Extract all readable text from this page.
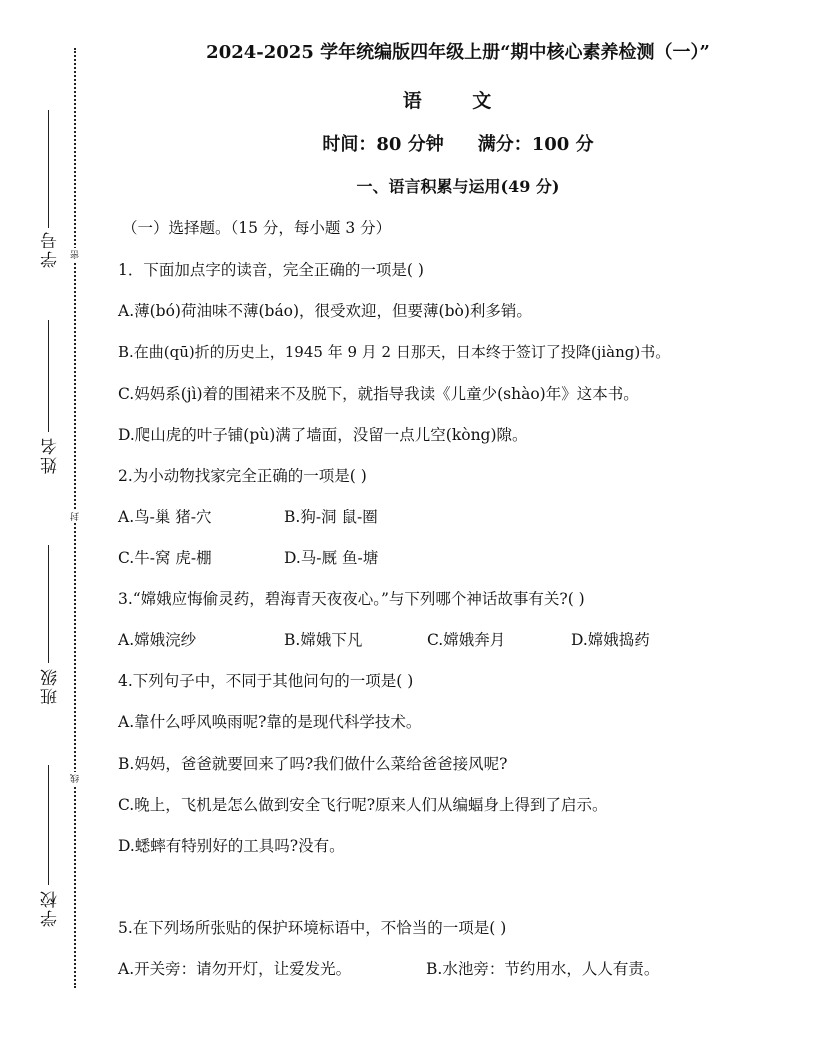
学号
姓名
班级
学校
密
封
线
2024-2025 学年统编版四年级上册“期中核心素养检测（一）”
语 文
时间：80 分钟 满分：100 分
一、语言积累与运用(49 分)
（一）选择题。（15 分，每小题 3 分）
1．下面加点字的读音，完全正确的一项是( )
A.薄(bó)荷油味不薄(báo)，很受欢迎，但要薄(bò)利多销。
B.在曲(qū)折的历史上，1945 年 9 月 2 日那天，日本终于签订了投降(jiàng)书。
C.妈妈系(jì)着的围裙来不及脱下，就指导我读《儿童少(shào)年》这本书。
D.爬山虎的叶子铺(pù)满了墙面，没留一点儿空(kòng)隙。
2.为小动物找家完全正确的一项是( )
A.鸟-巢 猪-穴	B.狗-洞 鼠-圈
C.牛-窝 虎-棚	D.马-厩 鱼-塘
3.“嫦娥应悔偷灵药，碧海青天夜夜心。”与下列哪个神话故事有关?( )
A.嫦娥浣纱	B.嫦娥下凡	C.嫦娥奔月	D.嫦娥捣药
4.下列句子中，不同于其他问句的一项是( )
A.靠什么呼风唤雨呢?靠的是现代科学技术。
B.妈妈，爸爸就要回来了吗?我们做什么菜给爸爸接风呢?
C.晚上，飞机是怎么做到安全飞行呢?原来人们从编蝠身上得到了启示。
D.蟋蟀有特别好的工具吗?没有。
5.在下列场所张贴的保护环境标语中，不恰当的一项是( )
A.开关旁：请勿开灯，让爱发光。	B.水池旁：节约用水，人人有责。
